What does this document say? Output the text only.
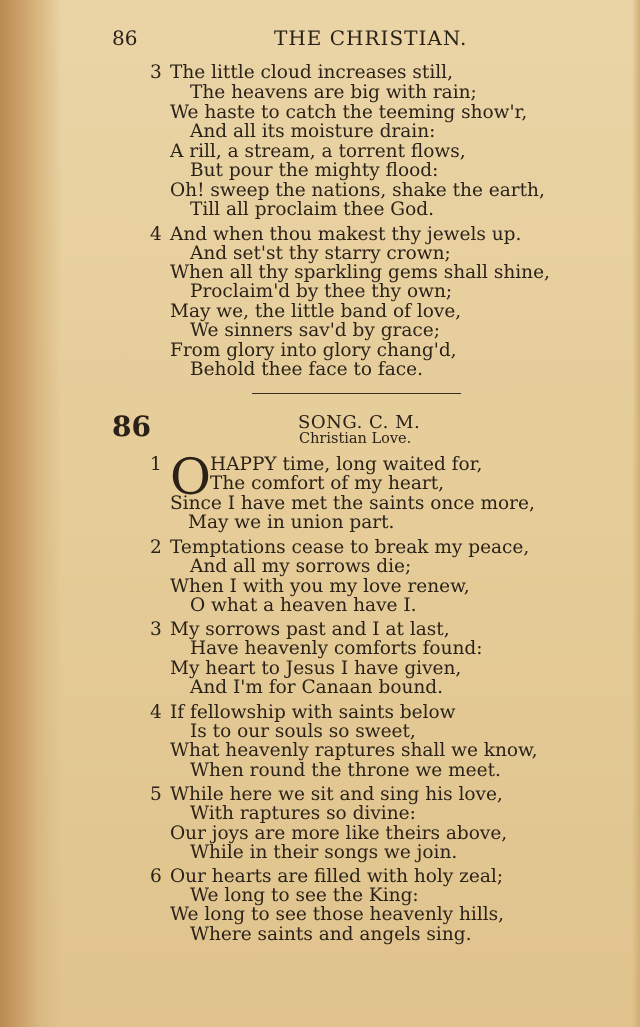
86	THE CHRISTIAN.
3 The little cloud increases still,
The heavens are big with rain;
We haste to catch the teeming show'r,
And all its moisture drain:
A rill, a stream, a torrent flows,
But pour the mighty flood:
Oh! sweep the nations, shake the earth,
Till all proclaim thee God.
4 And when thou makest thy jewels up.
And set'st thy starry crown;
When all thy sparkling gems shall shine,
Proclaim'd by thee thy own;
May we, the little band of love,
We sinners sav'd by grace;
From glory into glory chang'd,
Behold thee face to face.
86	SONG. C. M.
Christian Love.
1 O HAPPY time, long waited for,
The comfort of my heart,
Since I have met the saints once more,
May we in union part.
2 Temptations cease to break my peace,
And all my sorrows die;
When I with you my love renew,
O what a heaven have I.
3 My sorrows past and I at last,
Have heavenly comforts found:
My heart to Jesus I have given,
And I'm for Canaan bound.
4 If fellowship with saints below
Is to our souls so sweet,
What heavenly raptures shall we know,
When round the throne we meet.
5 While here we sit and sing his love,
With raptures so divine:
Our joys are more like theirs above,
While in their songs we join.
6 Our hearts are filled with holy zeal;
We long to see the King:
We long to see those heavenly hills,
Where saints and angels sing.
